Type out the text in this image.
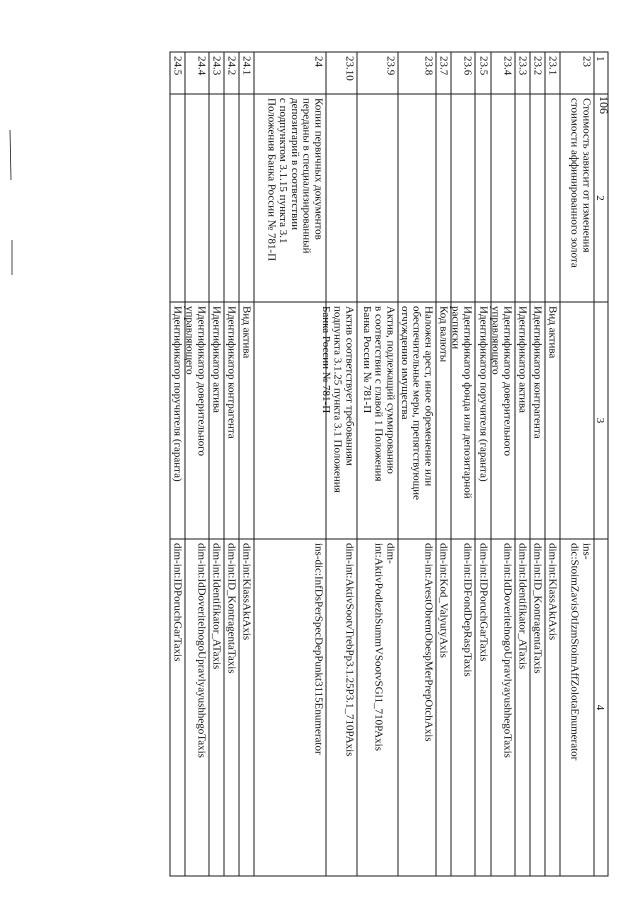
1
2
3
4
23
Стоимость зависит от изменения
стоимости аффинированного золота
ins-
dic:StoimZavisOtIzmStoimAffZolotaEnumerator
23.1
Вид актива
dim-int:KlassAktAxis
23.2
Идентификатор контрагента
dim-int:ID_KontragentaTaxis
23.3
Идентификатор актива
dim-int:Identifikator_ATaxis
23.4
Идентификатор доверительного
управляющего
dim-int:IdDoveritelnogoUpravlyayushhegoTaxis
23.5
Идентификатор поручителя (гаранта)
dim-int:IDPoruchGarTaxis
23.6
Идентификатор фонда или депозитарной
расписки
dim-int:IDFondDepRaspTaxis
23.7
Код валюты
dim-int:Kod_ValyutyAxis
23.8
Наложен арест, иное обременение или
обеспечительные меры, препятствующие
отчуждению имущества
dim-int:ArestObremObespMerPrepOtchAxis
23.9
Актив, подлежащий суммированию
в соответствии с главой 1 Положения
Банка России № 781-П
dim-
int:AktivPodlezhSummVSootvSGl1_710PAxis
23.10
Актив соответствует требованиям
подпункта 3.1.25 пункта 3.1 Положения
Банка России № 781-П
dim-int:AktivSootvTrebPp3.1.25P3.1_710PAxis
24
Копии первичных документов
переданы в специализированный
депозитарий в соответствии
с подпунктом 3.1.15 пункта 3.1
Положения Банка России № 781-П
ins-dic:InfDsPerSpecDepPunkt3115Enumerator
24.1
Вид актива
dim-int:KlassAktAxis
24.2
Идентификатор контрагента
dim-int:ID_KontragentaTaxis
24.3
Идентификатор актива
dim-int:Identifikator_ATaxis
24.4
Идентификатор доверительного
управляющего
dim-int:IdDoveritelnogoUpravlyayushhegoTaxis
24.5
Идентификатор поручителя (гаранта)
dim-int:IDPoruchGarTaxis
106
